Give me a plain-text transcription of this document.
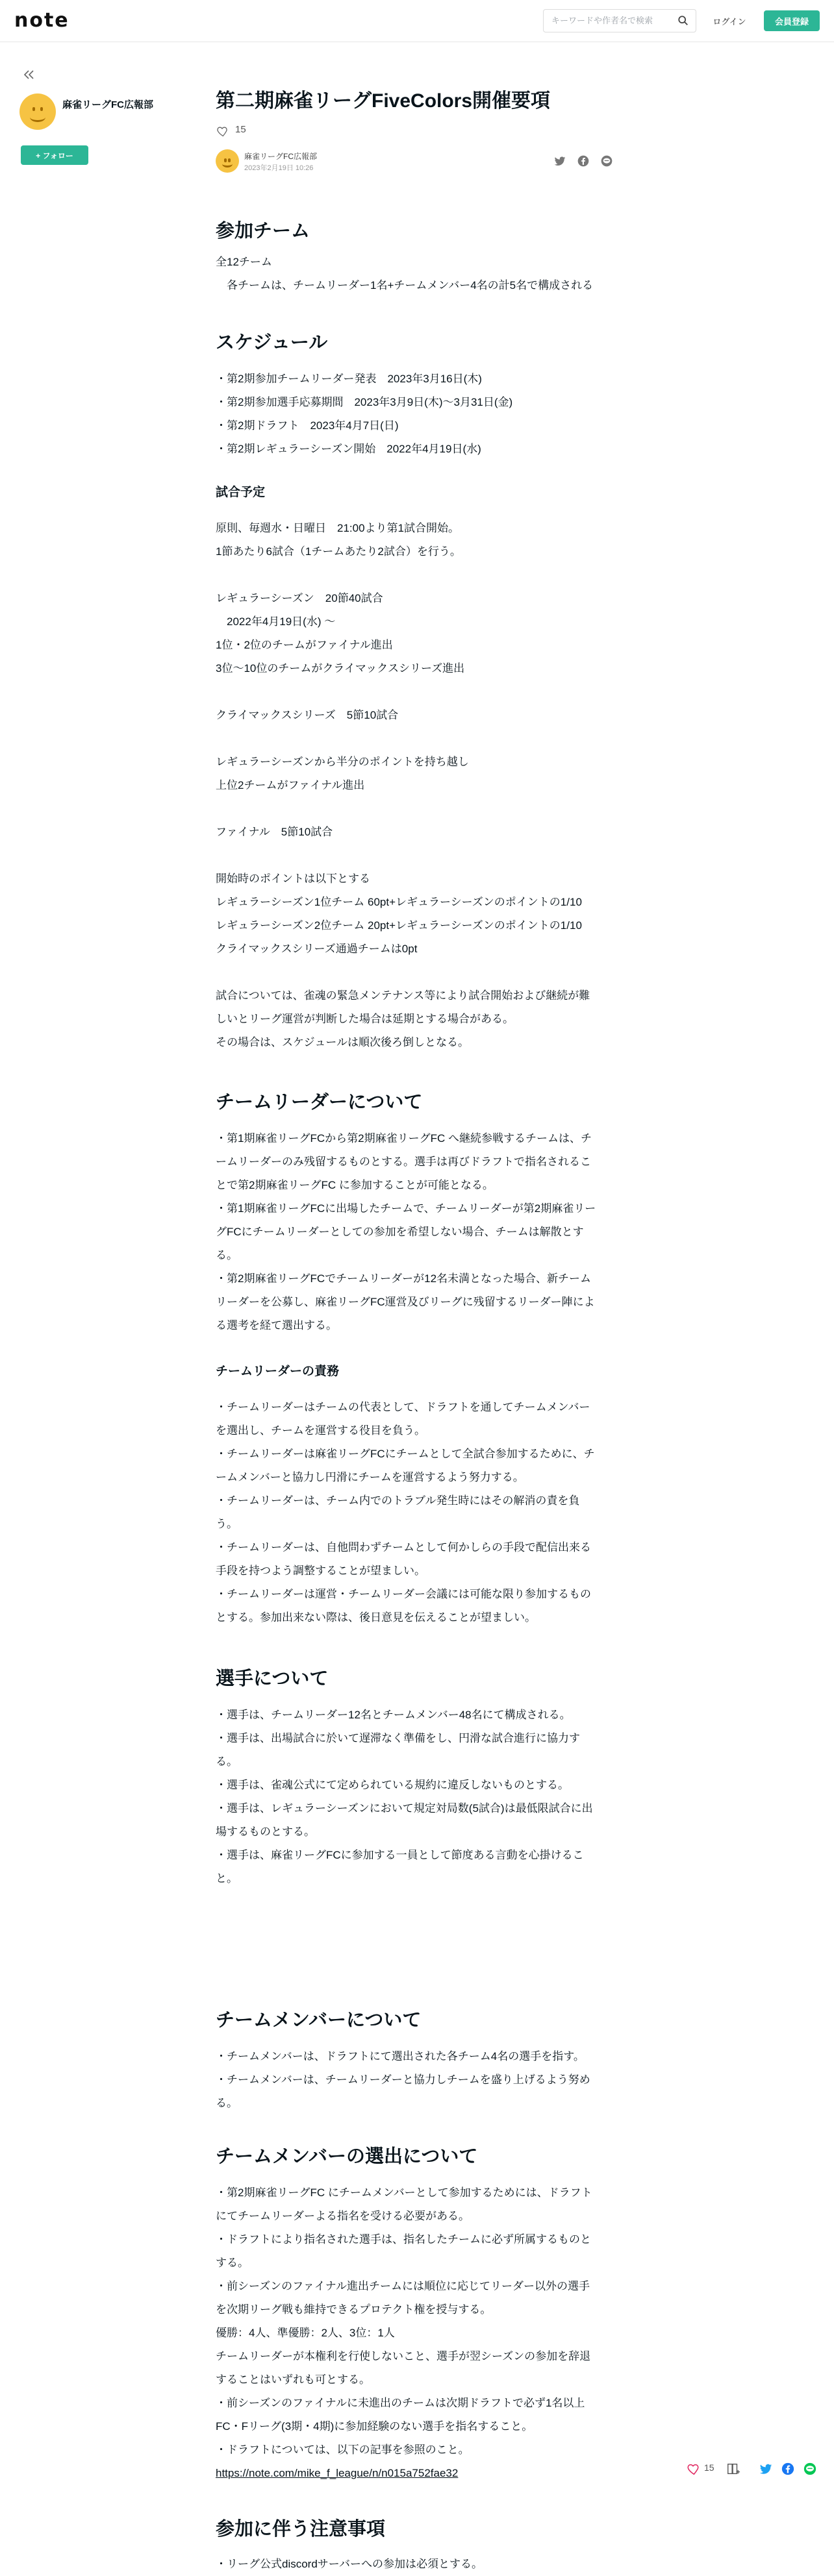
note
キーワードや作者名で検索	ログイン	会員登録
麻雀リーグFC広報部
+ フォロー
第二期麻雀リーグFiveColors開催要項
15
麻雀リーグFC広報部
2023年2月19日 10:26
参加チーム

全12チーム

　各チームは、チームリーダー1名+チームメンバー4名の計5名で構成される

スケジュール

・第2期参加チームリーダー発表　2023年3月16日(木)

・第2期参加選手応募期間　2023年3月9日(木)〜3月31日(金)

・第2期ドラフト　2023年4月7日(日)

・第2期レギュラーシーズン開始　2022年4月19日(水)

試合予定

原則、毎週水・日曜日　21:00より第1試合開始。

1節あたり6試合（1チームあたり2試合）を行う。

レギュラーシーズン　20節40試合

　2022年4月19日(水) 〜

1位・2位のチームがファイナル進出

3位〜10位のチームがクライマックスシリーズ進出

クライマックスシリーズ　5節10試合

レギュラーシーズンから半分のポイントを持ち越し

上位2チームがファイナル進出

ファイナル　5節10試合

開始時のポイントは以下とする

レギュラーシーズン1位チーム 60pt+レギュラーシーズンのポイントの1/10

レギュラーシーズン2位チーム 20pt+レギュラーシーズンのポイントの1/10

クライマックスシリーズ通過チームは0pt

試合については、雀魂の緊急メンテナンス等により試合開始および継続が難

しいとリーグ運営が判断した場合は延期とする場合がある。

その場合は、スケジュールは順次後ろ倒しとなる。

チームリーダーについて

・第1期麻雀リーグFCから第2期麻雀リーグFC へ継続参戦するチームは、チ

ームリーダーのみ残留するものとする。選手は再びドラフトで指名されるこ

とで第2期麻雀リーグFC に参加することが可能となる。

・第1期麻雀リーグFCに出場したチームで、チームリーダーが第2期麻雀リー

グFCにチームリーダーとしての参加を希望しない場合、チームは解散とす

る。

・第2期麻雀リーグFCでチームリーダーが12名未満となった場合、新チーム

リーダーを公募し、麻雀リーグFC運営及びリーグに残留するリーダー陣によ

る選考を経て選出する。

チームリーダーの責務

・チームリーダーはチームの代表として、ドラフトを通してチームメンバー

を選出し、チームを運営する役目を負う。

・チームリーダーは麻雀リーグFCにチームとして全試合参加するために、チ

ームメンバーと協力し円滑にチームを運営するよう努力する。

・チームリーダーは、チーム内でのトラブル発生時にはその解消の責を負

う。

・チームリーダーは、自他問わずチームとして何かしらの手段で配信出来る

手段を持つよう調整することが望ましい。

・チームリーダーは運営・チームリーダー会議には可能な限り参加するもの

とする。参加出来ない際は、後日意見を伝えることが望ましい。

選手について

・選手は、チームリーダー12名とチームメンバー48名にて構成される。

・選手は、出場試合に於いて遅滞なく準備をし、円滑な試合進行に協力す

る。

・選手は、雀魂公式にて定められている規約に違反しないものとする。

・選手は、レギュラーシーズンにおいて規定対局数(5試合)は最低限試合に出

場するものとする。

・選手は、麻雀リーグFCに参加する一員として節度ある言動を心掛けるこ

と。

チームメンバーについて

・チームメンバーは、ドラフトにて選出された各チーム4名の選手を指す。

・チームメンバーは、チームリーダーと協力しチームを盛り上げるよう努め

る。

チームメンバーの選出について

・第2期麻雀リーグFC にチームメンバーとして参加するためには、ドラフト

にてチームリーダーよる指名を受ける必要がある。

・ドラフトにより指名された選手は、指名したチームに必ず所属するものと

する。

・前シーズンのファイナル進出チームには順位に応じてリーダー以外の選手

を次期リーグ戦も維持できるプロテクト権を授与する。

優勝：4人、準優勝：2人、3位：1人

チームリーダーが本権利を行使しないこと、選手が翌シーズンの参加を辞退

することはいずれも可とする。

・前シーズンのファイナルに未進出のチームは次期ドラフトで必ず1名以上

FC・Fリーグ(3期・4期)に参加経験のない選手を指名すること。

・ドラフトについては、以下の記事を参照のこと。

https://note.com/mike_f_league/n/n015a752fae32

参加に伴う注意事項

・リーグ公式discordサーバーへの参加は必須とする。

15
